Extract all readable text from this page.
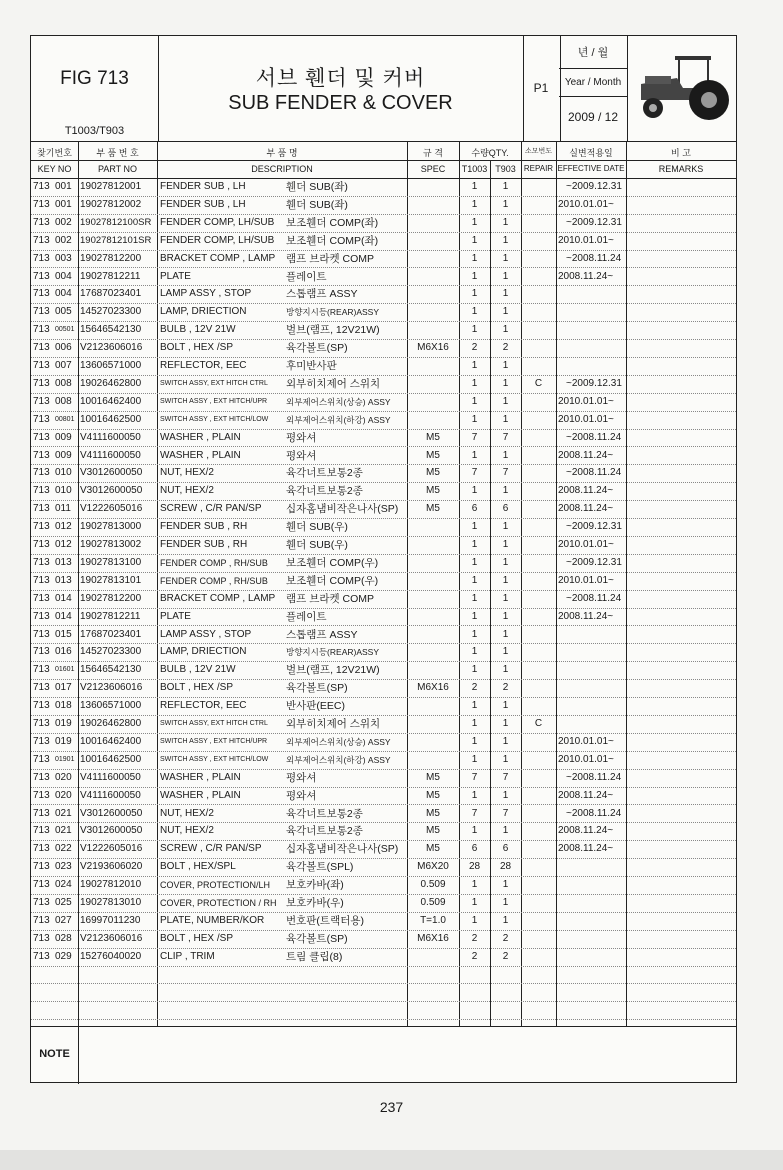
FIG 713
T1003/T903
서브 휀더 및 커버
SUB FENDER & COVER
P1
년 / 월
Year / Month
2009 / 12
찾기번호
KEY NO
부 품 번 호
PART NO
부 품 명
DESCRIPTION
규 격
SPEC
수량QTY.
T1003 T903
소모번도
REPAIR
실변적용일
EFFECTIVE DATE
비 고
REMARKS
713 001 19027812001	FENDER SUB , LH	휀더 SUB(좌)	1	1	~2009.12.31
713 001 19027812002	FENDER SUB , LH	휀더 SUB(좌)	1	1	2010.01.01~
713 002 19027812100SR FENDER COMP, LH/SUB	보조휀더 COMP(좌)	1	1	~2009.12.31
713 002 19027812101SR FENDER COMP, LH/SUB	보조휀더 COMP(좌)	1	1	2010.01.01~
713 003 19027812200	BRACKET COMP , LAMP	램프 브라켓 COMP	1	1	~2008.11.24
713 004 19027812211	PLATE	플레이트	1	1	2008.11.24~
713 004 17687023401	LAMP ASSY , STOP	스톱램프 ASSY	1	1
713 005 14527023300	LAMP, DRIECTION	방향지시등(REAR)ASSY	1	1
713 00501 15646542130	BULB , 12V 21W	벌브(램프, 12V21W)	1	1
713 006 V2123606016	BOLT , HEX /SP	육각볼트(SP)	M6X16	2	2
713 007 13606571000	REFLECTOR, EEC	후미반사판	1	1
713 008 19026462800	SWITCH ASSY, EXT HITCH CTRL	외부히치제어 스위치	1	1	C	~2009.12.31
713 008 10016462400	SWITCH ASSY , EXT HITCH/UPR	외부제어스위치(상승) ASSY	1	1	2010.01.01~
713 00801 10016462500	SWITCH ASSY , EXT HITCH/LOW	외부제어스위치(하강) ASSY	1	1	2010.01.01~
713 009 V4111600050	WASHER , PLAIN	평와셔	M5	7	7	~2008.11.24
713 009 V4111600050	WASHER , PLAIN	평와셔	M5	1	1	2008.11.24~
713 010 V3012600050	NUT, HEX/2	육각너트보통2종	M5	7	7	~2008.11.24
713 010 V3012600050	NUT, HEX/2	육각너트보통2종	M5	1	1	2008.11.24~
713 011 V1222605016	SCREW , C/R PAN/SP	십자홈냄비작은나사(SP)	M5	6	6	2008.11.24~
713 012 19027813000	FENDER SUB , RH	휀더 SUB(우)	1	1	~2009.12.31
713 012 19027813002	FENDER SUB , RH	휀더 SUB(우)	1	1	2010.01.01~
713 013 19027813100	FENDER COMP , RH/SUB	보조휀더 COMP(우)	1	1	~2009.12.31
713 013 19027813101	FENDER COMP , RH/SUB	보조휀더 COMP(우)	1	1	2010.01.01~
713 014 19027812200	BRACKET COMP , LAMP	램프 브라켓 COMP	1	1	~2008.11.24
713 014 19027812211	PLATE	플레이트	1	1	2008.11.24~
713 015 17687023401	LAMP ASSY , STOP	스톱램프 ASSY	1	1
713 016 14527023300	LAMP, DRIECTION	방향지시등(REAR)ASSY	1	1
713 01601 15646542130	BULB , 12V 21W	벌브(램프, 12V21W)	1	1
713 017 V2123606016	BOLT , HEX /SP	육각볼트(SP)	M6X16	2	2
713 018 13606571000	REFLECTOR, EEC	반사판(EEC)	1	1
713 019 19026462800	SWITCH ASSY, EXT HITCH CTRL	외부히치제어 스위치	1	1	C
713 019 10016462400	SWITCH ASSY , EXT HITCH/UPR	외부제어스위치(상승) ASSY	1	1	2010.01.01~
713 01901 10016462500	SWITCH ASSY , EXT HITCH/LOW	외부제어스위치(하강) ASSY	1	1	2010.01.01~
713 020 V4111600050	WASHER , PLAIN	평와셔	M5	7	7	~2008.11.24
713 020 V4111600050	WASHER , PLAIN	평와셔	M5	1	1	2008.11.24~
713 021 V3012600050	NUT, HEX/2	육각너트보통2종	M5	7	7	~2008.11.24
713 021 V3012600050	NUT, HEX/2	육각너트보통2종	M5	1	1	2008.11.24~
713 022 V1222605016	SCREW , C/R PAN/SP	십자홈냄비작은나사(SP)	M5	6	6	2008.11.24~
713 023 V2193606020	BOLT , HEX/SPL	육각볼트(SPL)	M6X20	28	28
713 024 19027812010	COVER, PROTECTION/LH	보호카바(좌)	0.509	1	1
713 025 19027813010	COVER, PROTECTION / RH 보호카바(우)	0.509	1	1
713 027 16997011230	PLATE, NUMBER/KOR	번호판(트랙터용)	T=1.0	1	1
713 028 V2123606016	BOLT , HEX /SP	육각볼트(SP)	M6X16	2	2
713 029 15276040020	CLIP , TRIM	트림 클립(8)	2	2
NOTE
237
